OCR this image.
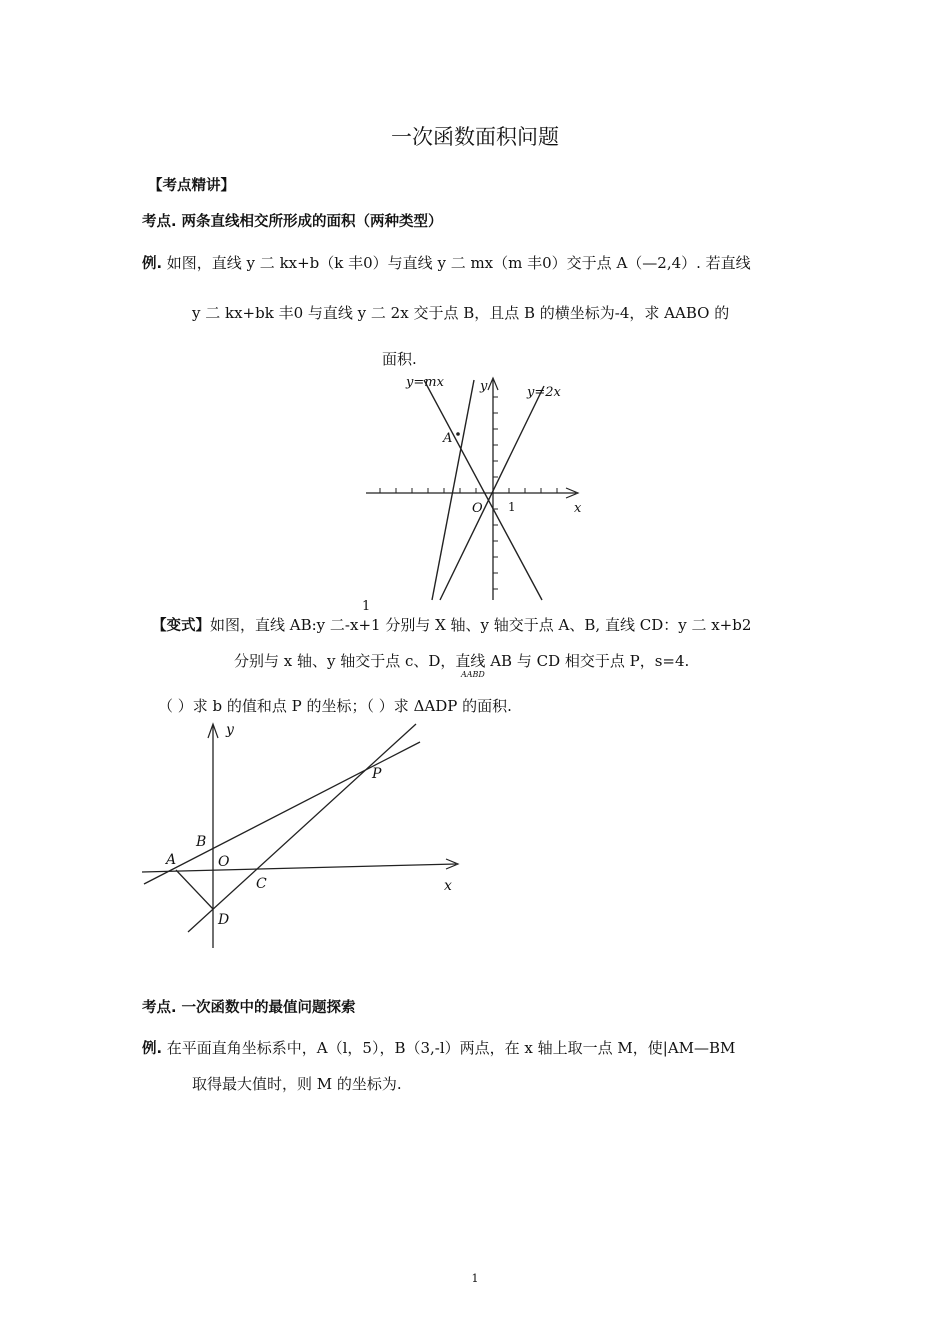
一次函数面积问题
【考点精讲】
考点. 两条直线相交所形成的面积（两种类型）
例. 如图，直线 y 二 kx+b（k 丰0）与直线 y 二 mx（m 丰0）交于点 A（—2,4）. 若直线
y 二 kx+bk 丰0 与直线 y 二 2x 交于点 B，且点 B 的横坐标为-4，求 AABO 的
面积.
y=mx	y	y=2x
A
O 1	x
1
【变式】如图，直线 AB:y 二-x+1 分别与 X 轴、y 轴交于点 A、B, 直线 CD：y 二 x+b2
分别与 x 轴、y 轴交于点 c、D，直线 AB 与 CD 相交于点 P，s=4.
AABD
（ ）求 b 的值和点 P 的坐标；（ ）求 ΔADP 的面积.
y
P
B
A	O
C	x
D
考点. 一次函数中的最值问题探索
例. 在平面直角坐标系中，A（l，5），B（3,-l）两点，在 x 轴上取一点 M，使|AM—BM
取得最大值时，则 M 的坐标为.
1
